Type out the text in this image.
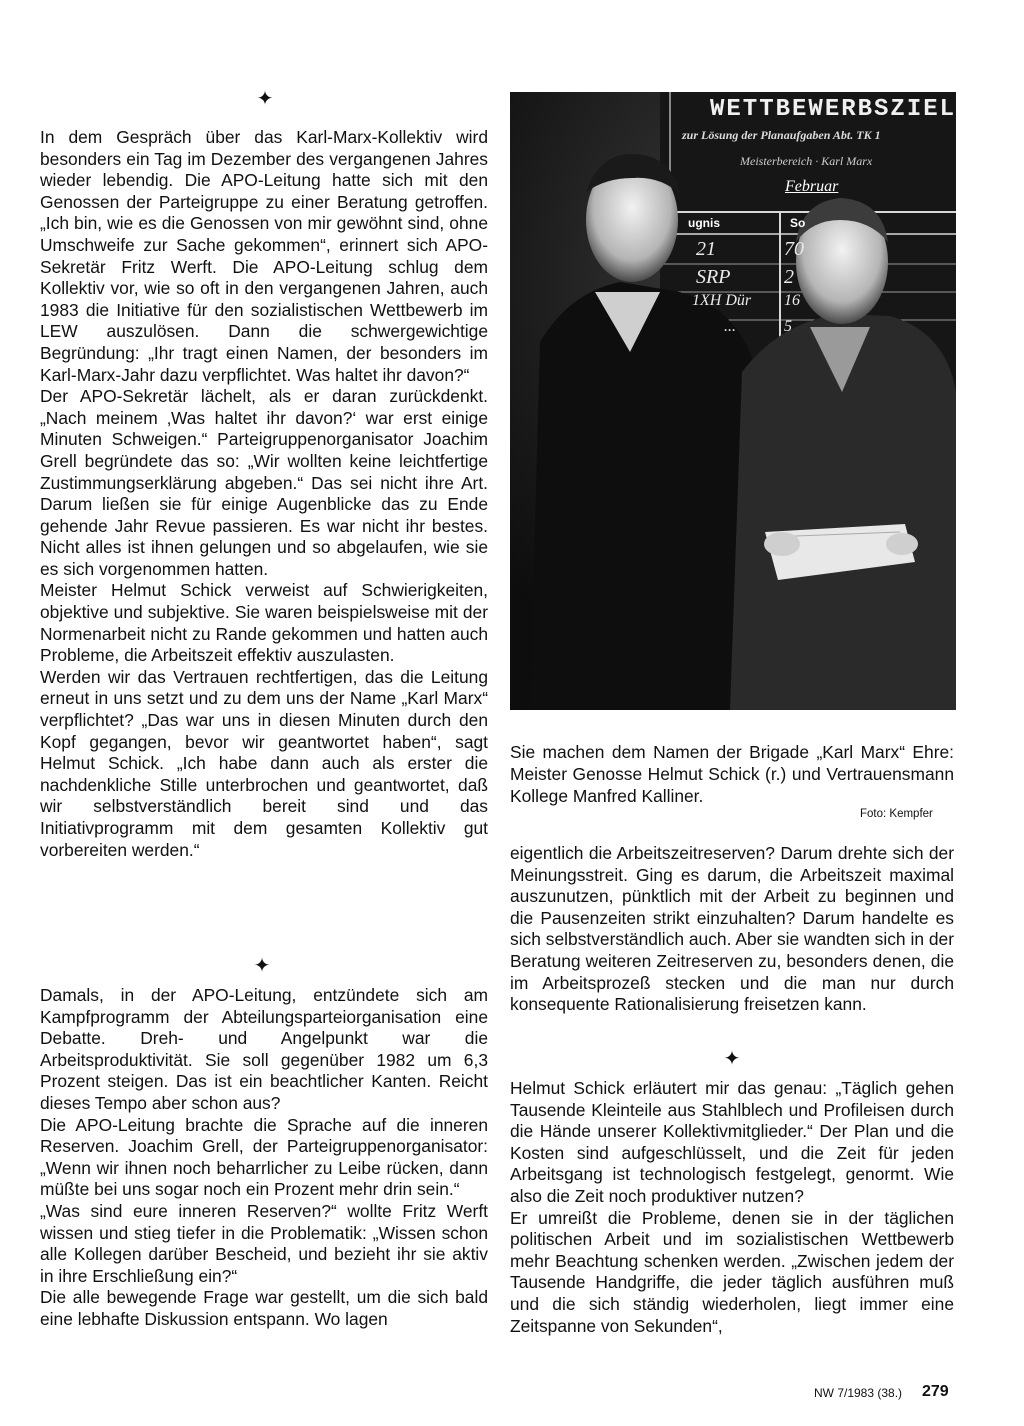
✦
✦
✦

In dem Gespräch über das Karl-Marx-Kollektiv wird besonders ein Tag im Dezember des vergangenen Jahres wieder lebendig. Die APO-Leitung hatte sich mit den Genossen der Parteigruppe zu einer Beratung getroffen. „Ich bin, wie es die Genossen von mir gewöhnt sind, ohne Umschweife zur Sache gekommen“, erinnert sich APO-Sekretär Fritz Werft. Die APO-Leitung schlug dem Kollektiv vor, wie so oft in den vergangenen Jahren, auch 1983 die Initiative für den sozialistischen Wettbewerb im LEW auszulösen. Dann die schwergewichtige Begründung: „Ihr tragt einen Namen, der besonders im Karl-Marx-Jahr dazu verpflichtet. Was haltet ihr davon?“

Der APO-Sekretär lächelt, als er daran zurückdenkt. „Nach meinem ‚Was haltet ihr davon?‘ war erst einige Minuten Schweigen.“ Parteigruppenorganisator Joachim Grell begründete das so: „Wir wollten keine leichtfertige Zustimmungserklärung abgeben.“ Das sei nicht ihre Art. Darum ließen sie für einige Augenblicke das zu Ende gehende Jahr Revue passieren. Es war nicht ihr bestes. Nicht alles ist ihnen gelungen und so abgelaufen, wie sie es sich vorgenommen hatten.

Meister Helmut Schick verweist auf Schwierigkeiten, objektive und subjektive. Sie waren beispielsweise mit der Normenarbeit nicht zu Rande gekommen und hatten auch Probleme, die Arbeitszeit effektiv auszulasten.

Werden wir das Vertrauen rechtfertigen, das die Leitung erneut in uns setzt und zu dem uns der Name „Karl Marx“ verpflichtet? „Das war uns in diesen Minuten durch den Kopf gegangen, bevor wir geantwortet haben“, sagt Helmut Schick. „Ich habe dann auch als erster die nachdenkliche Stille unterbrochen und geantwortet, daß wir selbstverständlich bereit sind und das Initiativprogramm mit dem gesamten Kollektiv gut vorbereiten werden.“

Damals, in der APO-Leitung, entzündete sich am Kampfprogramm der Abteilungsparteiorganisation eine Debatte. Dreh- und Angelpunkt war die Arbeitsproduktivität. Sie soll gegenüber 1982 um 6,3 Prozent steigen. Das ist ein beachtlicher Kanten. Reicht dieses Tempo aber schon aus?

Die APO-Leitung brachte die Sprache auf die inneren Reserven. Joachim Grell, der Parteigruppenorganisator: „Wenn wir ihnen noch beharrlicher zu Leibe rücken, dann müßte bei uns sogar noch ein Prozent mehr drin sein.“

„Was sind eure inneren Reserven?“ wollte Fritz Werft wissen und stieg tiefer in die Problematik: „Wissen schon alle Kollegen darüber Bescheid, und bezieht ihr sie aktiv in ihre Erschließung ein?“

Die alle bewegende Frage war gestellt, um die sich bald eine lebhafte Diskussion entspann. Wo lagen

WETTBEWERBSZIEL
zur Lösung der Planaufgaben Abt. TK 1
Meisterbereich · Karl Marx
Februar
ugnis	So
21	70
SRP	2
1XH Dür 16
...	5

Sie machen dem Namen der Brigade „Karl Marx“ Ehre: Meister Genosse Helmut Schick (r.) und Vertrauensmann Kollege Manfred Kalliner.

Foto: Kempfer

eigentlich die Arbeitszeitreserven? Darum drehte sich der Meinungsstreit. Ging es darum, die Arbeitszeit maximal auszunutzen, pünktlich mit der Arbeit zu beginnen und die Pausenzeiten strikt einzuhalten? Darum handelte es sich selbstverständlich auch. Aber sie wandten sich in der Beratung weiteren Zeitreserven zu, besonders denen, die im Arbeitsprozeß stecken und die man nur durch konsequente Rationalisierung freisetzen kann.

Helmut Schick erläutert mir das genau: „Täglich gehen Tausende Kleinteile aus Stahlblech und Profileisen durch die Hände unserer Kollektivmitglieder.“ Der Plan und die Kosten sind aufgeschlüsselt, und die Zeit für jeden Arbeitsgang ist technologisch festgelegt, genormt. Wie also die Zeit noch produktiver nutzen?

Er umreißt die Probleme, denen sie in der täglichen politischen Arbeit und im sozialistischen Wettbewerb mehr Beachtung schenken werden. „Zwischen jedem der Tausende Handgriffe, die jeder täglich ausführen muß und die sich ständig wiederholen, liegt immer eine Zeitspanne von Sekunden“,

NW 7/1983 (38.) 279
